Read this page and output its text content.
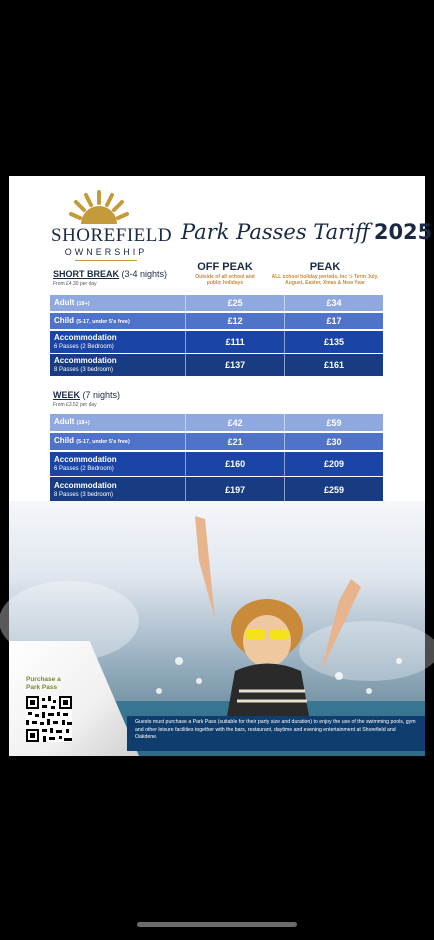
SHOREFIELD
OWNERSHIP
Park Passes Tariff 2025
OFF PEAK
Outside of all school and public holidays
PEAK
ALL school holiday periods, inc ½ Term July, August, Easter, Xmas & New Year
SHORT BREAK (3-4 nights)
From £4.30 per day
Adult (18+)	£25	£34
Child (5-17, under 5's free)	£12	£17
Accommodation
6 Passes (2 Bedroom)	£111	£135
Accommodation
8 Passes (3 bedroom)	£137	£161
WEEK (7 nights)
From £3.52 per day
Adult (18+)	£42	£59
Child (5-17, under 5's free)	£21	£30
Accommodation
6 Passes (2 Bedroom)	£160	£209
Accommodation
8 Passes (3 bedroom)	£197	£259
Purchase a
Park Pass
Guests must purchase a Park Pass (suitable for their party size and duration) to enjoy the use of the swimming pools, gym and other leisure facilities together with the bars, restaurant, daytime and evening entertainment at Shorefield and Oakdene.
